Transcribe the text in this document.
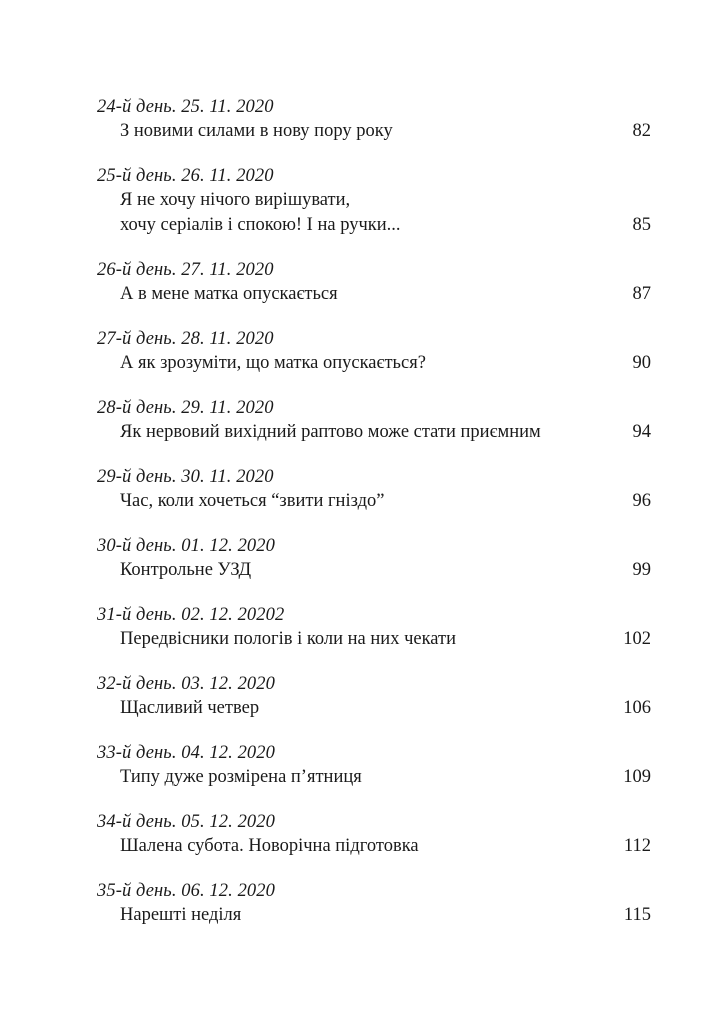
24-й день. 25. 11. 2020
З новими силами в нову пору року	82
25-й день. 26. 11. 2020
Я не хочу нічого вирішувати,
хочу серіалів і спокою! І на ручки...	85
26-й день. 27. 11. 2020
А в мене матка опускається	87
27-й день. 28. 11. 2020
А як зрозуміти, що матка опускається?	90
28-й день. 29. 11. 2020
Як нервовий вихідний раптово може стати приємним	94
29-й день. 30. 11. 2020
Час, коли хочеться “звити гніздо”	96
30-й день. 01. 12. 2020
Контрольне УЗД	99
31-й день. 02. 12. 20202
Передвісники пологів і коли на них чекати	102
32-й день. 03. 12. 2020
Щасливий четвер	106
33-й день. 04. 12. 2020
Типу дуже розмірена п’ятниця	109
34-й день. 05. 12. 2020
Шалена субота. Новорічна підготовка	112
35-й день. 06. 12. 2020
Нарешті неділя	115
